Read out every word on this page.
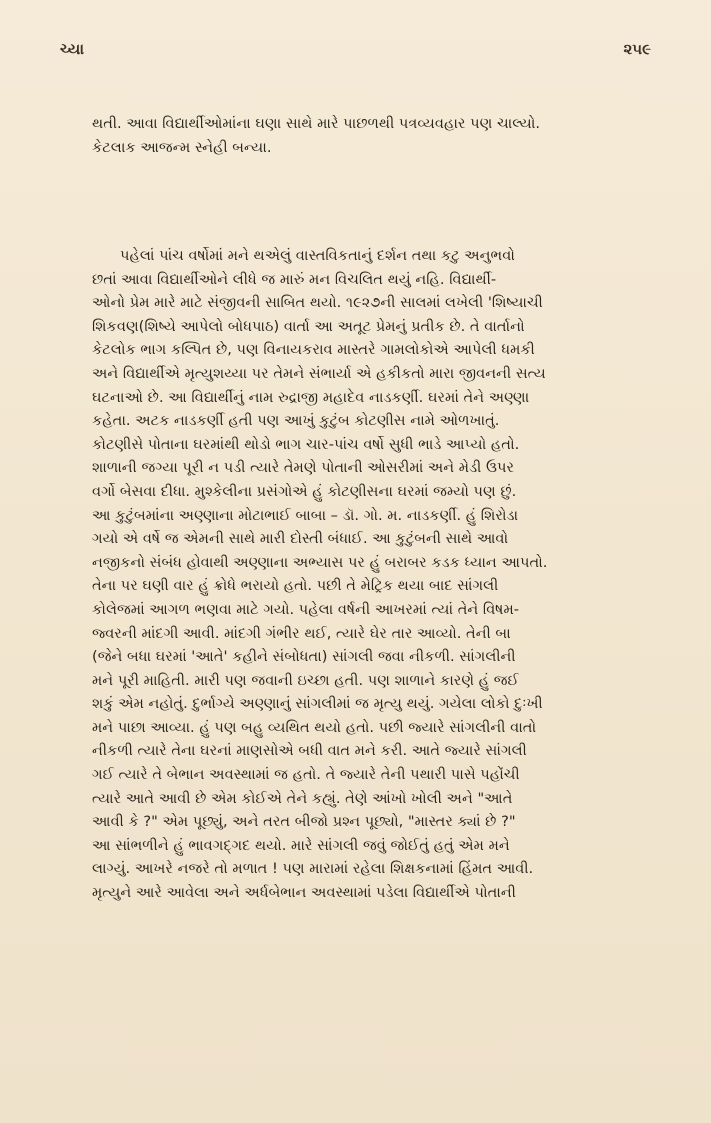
ચ્યા	૨૫૯
થતી. આવા વિદ્યાર્થીઓમાંના ઘણા સાથે મારે પાછળથી પત્રવ્યવહાર પણ ચાલ્યો.
કેટલાક આજન્મ સ્નેહી બન્યા.
પહેલાં પાંચ વર્ષોમાં મને થએલું વાસ્તવિકતાનું દર્શન તથા કટુ અનુભવો
છતાં આવા વિદ્યાર્થીઓને લીધે જ મારું મન વિચલિત થયું નહિ. વિદ્યાર્થી-
ઓનો પ્રેમ મારે માટે સંજીવની સાબિત થયો. ૧૯૨૭ની સાલમાં લખેલી 'શિષ્યાચી
શિકવણ(શિષ્યે આપેલો બોધપાઠ) વાર્તા આ અતૂટ પ્રેમનું પ્રતીક છે. તે વાર્તાનો
કેટલોક ભાગ કલ્પિત છે, પણ વિનાયકરાવ માસ્તરે ગામલોકોએ આપેલી ધમકી
અને વિદ્યાર્થીએ મૃત્યુશય્યા પર તેમને સંભાર્યા એ હકીકતો મારા જીવનની સત્ય
ઘટનાઓ છે. આ વિદ્યાર્થીનું નામ રુદ્રાજી મહાદેવ નાડકર્ણી. ઘરમાં તેને અણ્ણા
કહેતા. અટક નાડકર્ણી હતી પણ આખું કુટુંબ કોટણીસ નામે ઓળખાતું.
કોટણીસે પોતાના ઘરમાંથી થોડો ભાગ ચાર-પાંચ વર્ષો સુધી ભાડે આપ્યો હતો.
શાળાની જગ્યા પૂરી ન પડી ત્યારે તેમણે પોતાની ઓસરીમાં અને મેડી ઉપર
વર્ગો બેસવા દીધા. મુશ્કેલીના પ્રસંગોએ હું કોટણીસના ઘરમાં જમ્યો પણ છું.
આ કુટુંબમાંના અણ્ણાના મોટાભાઈ બાબા – ડૉ. ગો. મ. નાડકર્ણી. હું શિરોડા
ગયો એ વર્ષે જ એમની સાથે મારી દોસ્તી બંધાઈ. આ કુટુંબની સાથે આવો
નજીકનો સંબંધ હોવાથી અણ્ણાના અભ્યાસ પર હું બરાબર કડક ધ્યાન આપતો.
તેના પર ઘણી વાર હું ક્રોધે ભરાયો હતો. પછી તે મેટ્રિક થયા બાદ સાંગલી
કોલેજમાં આગળ ભણવા માટે ગયો. પહેલા વર્ષની આખરમાં ત્યાં તેને વિષમ-
જ્વરની માંદગી આવી. માંદગી ગંભીર થઈ, ત્યારે ઘેર તાર આવ્યો. તેની બા
(જેને બધા ઘરમાં 'આતે' કહીને સંબોધતા) સાંગલી જવા નીકળી. સાંગલીની
મને પૂરી માહિતી. મારી પણ જવાની ઇચ્છા હતી. પણ શાળાને કારણે હું જઈ
શકું એમ નહોતું. દુર્ભાગ્યે અણ્ણાનું સાંગલીમાં જ મૃત્યુ થયું. ગયેલા લોકો દુઃખી
મને પાછા આવ્યા. હું પણ બહુ વ્યથિત થયો હતો. પછી જ્યારે સાંગલીની વાતો
નીકળી ત્યારે તેના ઘરનાં માણસોએ બધી વાત મને કરી. આતે જ્યારે સાંગલી
ગઈ ત્યારે તે બેભાન અવસ્થામાં જ હતો. તે જ્યારે તેની પથારી પાસે પહોંચી
ત્યારે આતે આવી છે એમ કોઈએ તેને કહ્યું. તેણે આંખો ખોલી અને "આતે
આવી કે ?" એમ પૂછ્યું, અને તરત બીજો પ્રશ્ન પૂછ્યો, "માસ્તર ક્યાં છે ?"
આ સાંભળીને હું ભાવગદ્ગદ થયો. મારે સાંગલી જવું જોઈતું હતું એમ મને
લાગ્યું. આખરે નજરે તો મળાત ! પણ મારામાં રહેલા શિક્ષકનામાં હિંમત આવી.
મૃત્યુને આરે આવેલા અને અર્ધબેભાન અવસ્થામાં પડેલા વિદ્યાર્થીએ પોતાની
